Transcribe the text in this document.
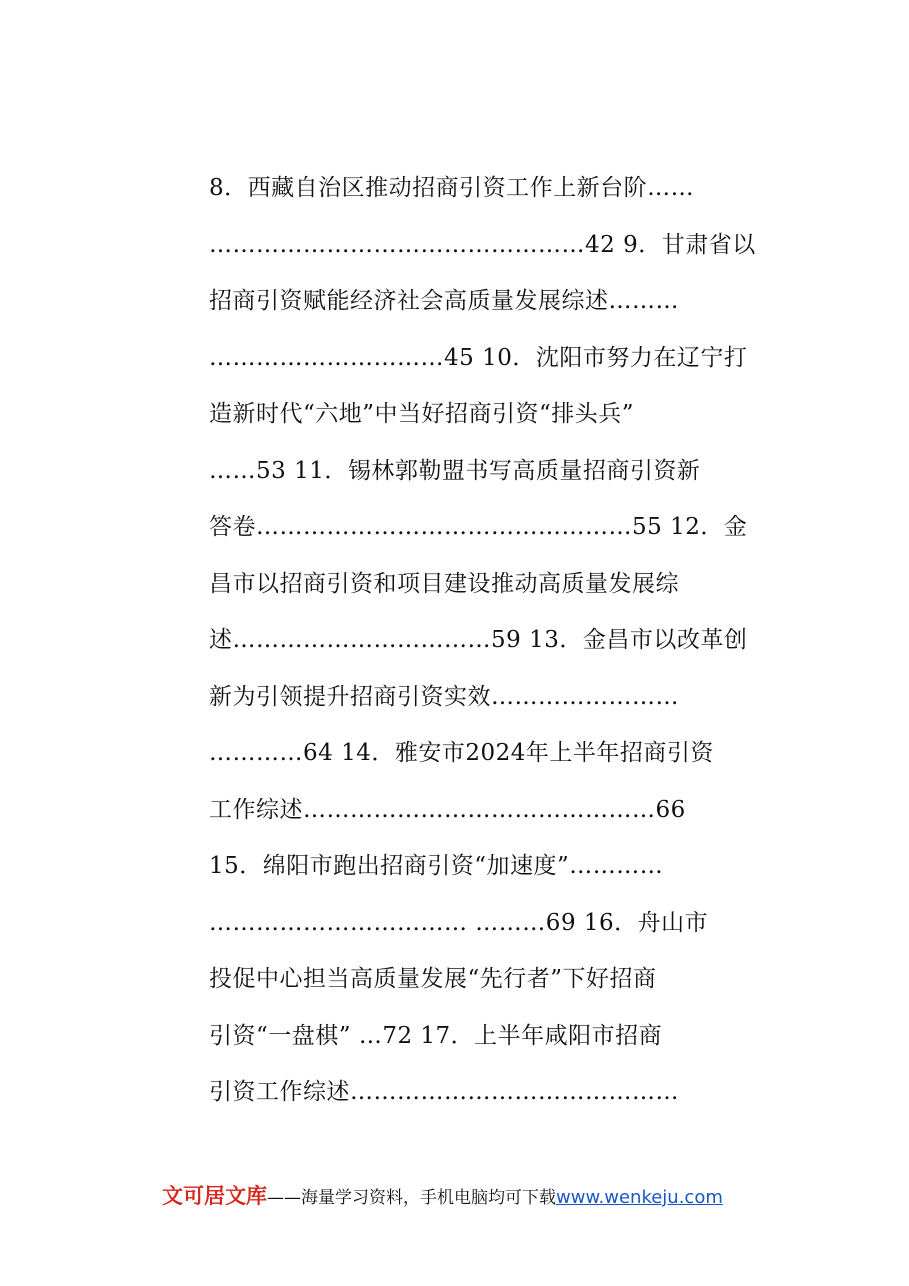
8．西藏自治区推动招商引资工作上新台阶……
…………………………………………42 9．甘肃省以
招商引资赋能经济社会高质量发展综述………
…………………………45 10．沈阳市努力在辽宁打
造新时代“六地”中当好招商引资“排头兵”
……53 11．锡林郭勒盟书写高质量招商引资新
答卷…………………………………………55 12．金
昌市以招商引资和项目建设推动高质量发展综
述……………………………59 13．金昌市以改革创
新为引领提升招商引资实效……………………
…………64 14．雅安市2024年上半年招商引资
工作综述………………………………………66
15．绵阳市跑出招商引资“加速度”…………
…………………………… ………69 16．舟山市
投促中心担当高质量发展“先行者”下好招商
引资“一盘棋” …72 17．上半年咸阳市招商
引资工作综述……………………………………
文可居文库——海量学习资料，手机电脑均可下载www.wenkeju.com
